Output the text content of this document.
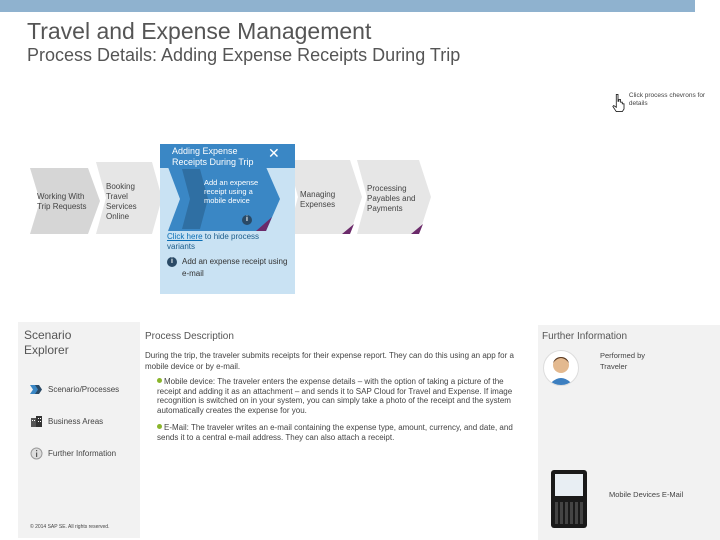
Travel and Expense Management
Process Details: Adding Expense Receipts During Trip
Click process chevrons for details
Working With Trip Requests
Booking Travel Services Online
Managing Expenses
Processing Payables and Payments
Adding Expense Receipts During Trip
✕
Add an expense receipt using a mobile device
i
Click here to hide process variants
i	Add an expense receipt using e-mail
Scenario Explorer
Scenario/Processes
Business Areas
Further Information
© 2014 SAP SE. All rights reserved.
Process Description
During the trip, the traveler submits receipts for their expense report. They can do this using an app for a mobile device or by e-mail.
Mobile device: The traveler enters the expense details – with the option of taking a picture of the receipt and adding it as an attachment – and sends it to SAP Cloud for Travel and Expense. If image recognition is switched on in your system, you can simply take a photo of the receipt and the system automatically creates the expense for you.
E-Mail: The traveler writes an e-mail containing the expense type, amount, currency, and date, and sends it to a central e-mail address. They can also attach a receipt.
Further Information
Performed by Traveler
Mobile Devices E-Mail
